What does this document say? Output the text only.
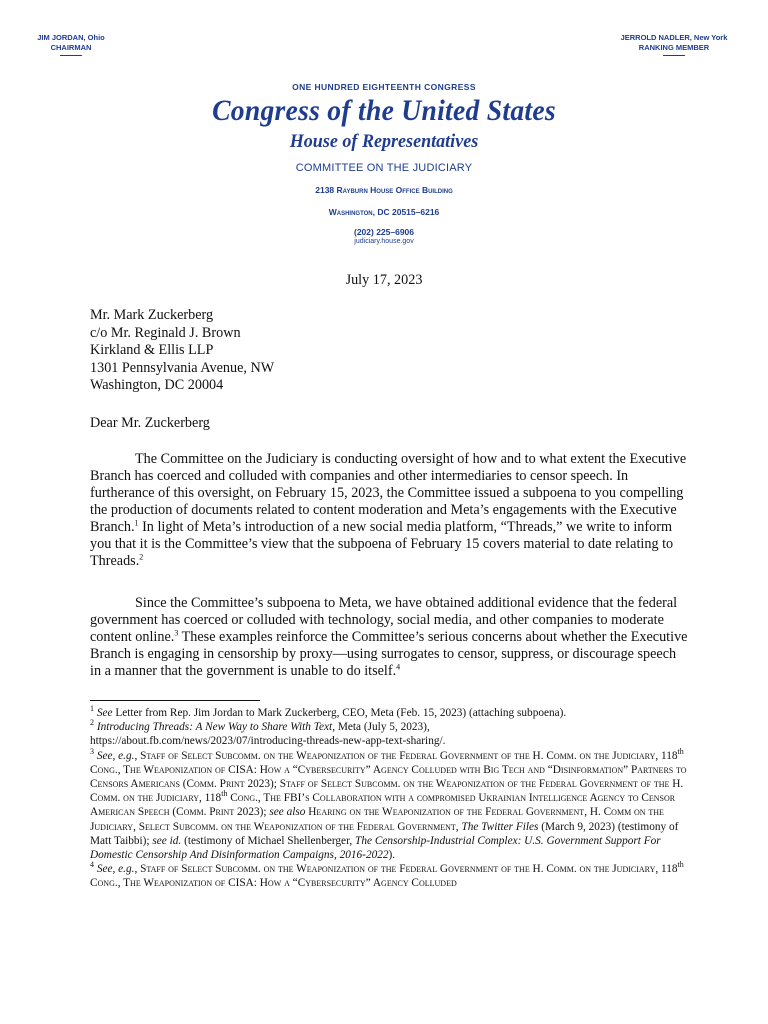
JIM JORDAN, Ohio
CHAIRMAN
JERROLD NADLER, New York
RANKING MEMBER
ONE HUNDRED EIGHTEENTH CONGRESS
Congress of the United States
House of Representatives
COMMITTEE ON THE JUDICIARY
2138 Rayburn House Office Building
Washington, DC 20515–6216
(202) 225–6906
judiciary.house.gov
July 17, 2023
Mr. Mark Zuckerberg
c/o Mr. Reginald J. Brown
Kirkland & Ellis LLP
1301 Pennsylvania Avenue, NW
Washington, DC 20004
Dear Mr. Zuckerberg
The Committee on the Judiciary is conducting oversight of how and to what extent the Executive Branch has coerced and colluded with companies and other intermediaries to censor speech. In furtherance of this oversight, on February 15, 2023, the Committee issued a subpoena to you compelling the production of documents related to content moderation and Meta’s engagements with the Executive Branch.$^1$ In light of Meta’s introduction of a new social media platform, “Threads,” we write to inform you that it is the Committee’s view that the subpoena of February 15 covers material to date relating to Threads.$^2$
Since the Committee’s subpoena to Meta, we have obtained additional evidence that the federal government has coerced or colluded with technology, social media, and other companies to moderate content online.$^3$ These examples reinforce the Committee’s serious concerns about whether the Executive Branch is engaging in censorship by proxy—using surrogates to censor, suppress, or discourage speech in a manner that the government is unable to do itself.$^4$

$^1$ See Letter from Rep. Jim Jordan to Mark Zuckerberg, CEO, Meta (Feb. 15, 2023) (attaching subpoena).

$^2$ Introducing Threads: A New Way to Share With Text, Meta (July 5, 2023),
https://about.fb.com/news/2023/07/introducing-threads-new-app-text-sharing/.

$^3$ See, e.g., Staff of Select Subcomm. on the Weaponization of the Federal Government of the H. Comm. on the Judiciary, 118th Cong., The Weaponization of CISA: How a “Cybersecurity” Agency Colluded with Big Tech and “Disinformation” Partners to Censors Americans (Comm. Print 2023); Staff of Select Subcomm. on the Weaponization of the Federal Government of the H. Comm. on the Judiciary, 118th Cong., The FBI’s Collaboration with a compromised Ukrainian Intelligence Agency to Censor American Speech (Comm. Print 2023); see also Hearing on the Weaponization of the Federal Government, H. Comm on the Judiciary, Select Subcomm. on the Weaponization of the Federal Government, The Twitter Files (March 9, 2023) (testimony of Matt Taibbi); see id. (testimony of Michael Shellenberger, The Censorship-Industrial Complex: U.S. Government Support For Domestic Censorship And Disinformation Campaigns, 2016-2022).

$^4$ See, e.g., Staff of Select Subcomm. on the Weaponization of the Federal Government of the H. Comm. on the Judiciary, 118th Cong., The Weaponization of CISA: How a “Cybersecurity” Agency Colluded
